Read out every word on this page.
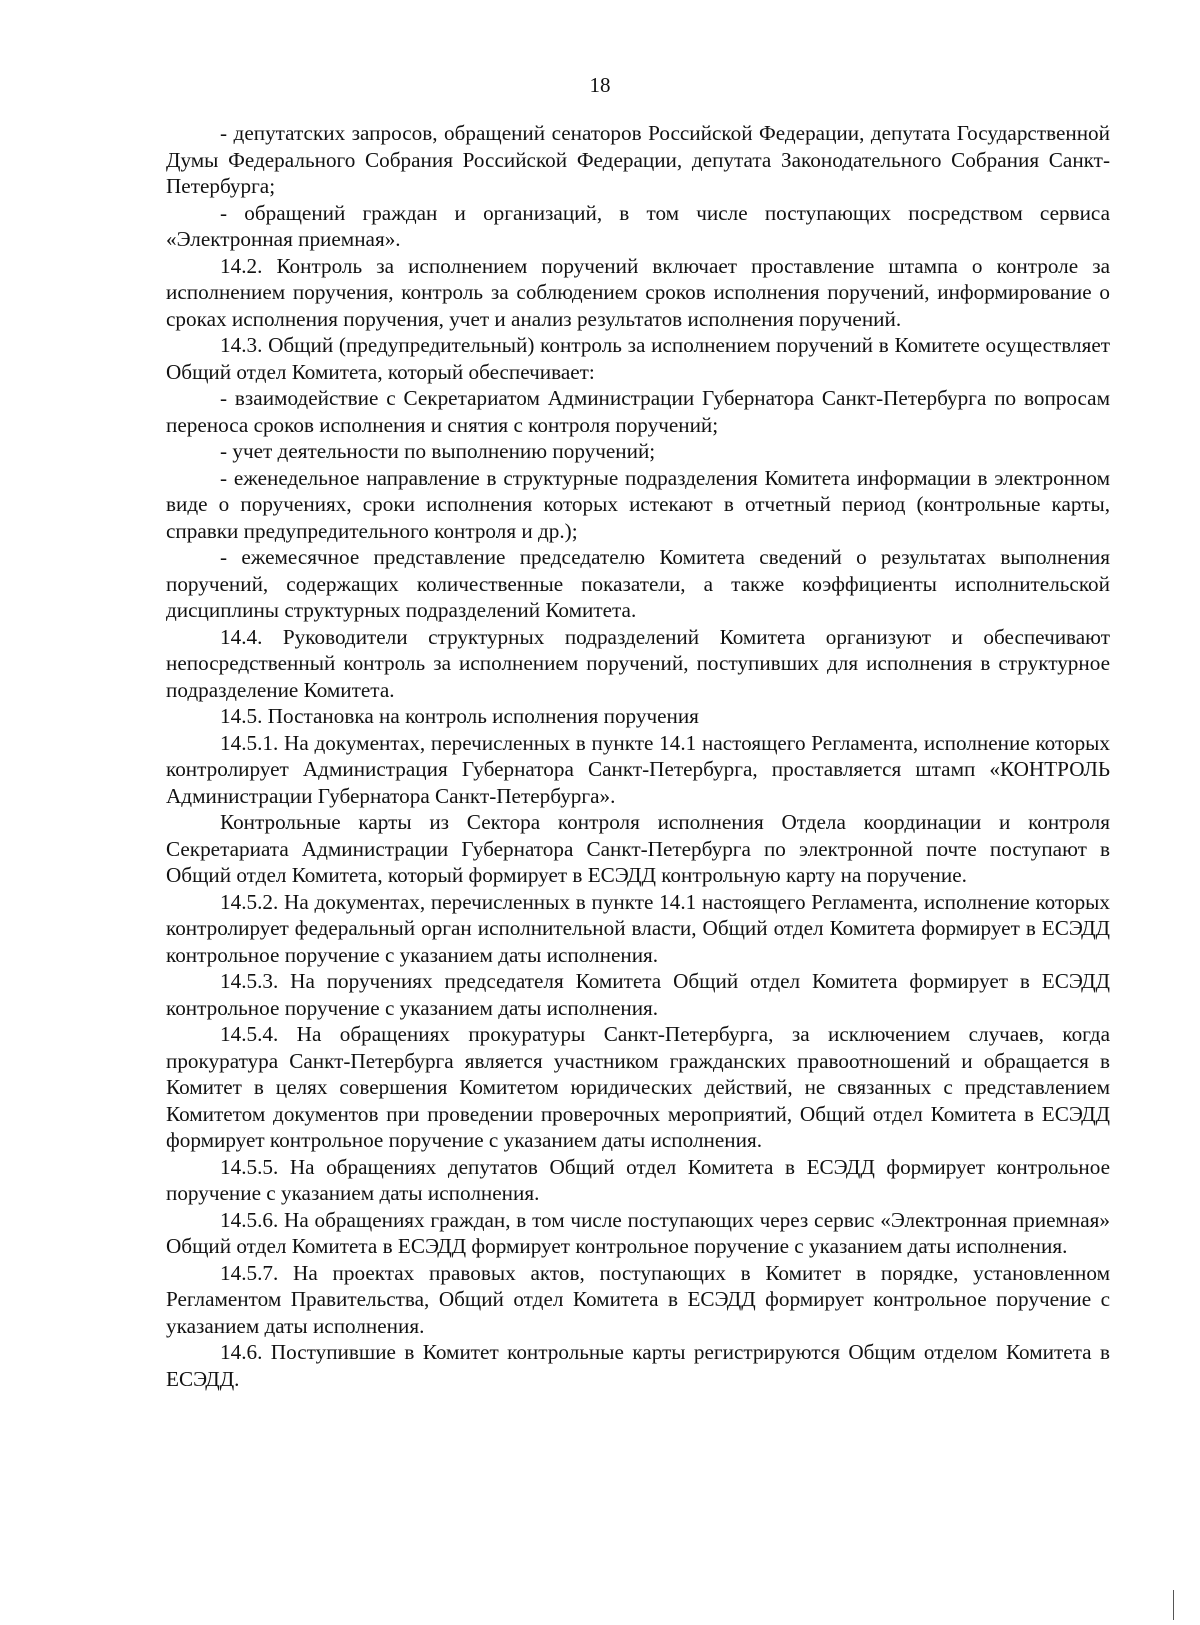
18

- депутатских запросов, обращений сенаторов Российской Федерации, депутата Государственной Думы Федерального Собрания Российской Федерации, депутата Законодательного Собрания Санкт-Петербурга;

- обращений граждан и организаций, в том числе поступающих посредством сервиса «Электронная приемная».

14.2. Контроль за исполнением поручений включает проставление штампа о контроле за исполнением поручения, контроль за соблюдением сроков исполнения поручений, информирование о сроках исполнения поручения, учет и анализ результатов исполнения поручений.

14.3. Общий (предупредительный) контроль за исполнением поручений в Комитете осуществляет Общий отдел Комитета, который обеспечивает:

- взаимодействие с Секретариатом Администрации Губернатора Санкт-Петербурга по вопросам переноса сроков исполнения и снятия с контроля поручений;

- учет деятельности по выполнению поручений;

- еженедельное направление в структурные подразделения Комитета информации в электронном виде о поручениях, сроки исполнения которых истекают в отчетный период (контрольные карты, справки предупредительного контроля и др.);

- ежемесячное представление председателю Комитета сведений о результатах выполнения поручений, содержащих количественные показатели, а также коэффициенты исполнительской дисциплины структурных подразделений Комитета.

14.4. Руководители структурных подразделений Комитета организуют и обеспечивают непосредственный контроль за исполнением поручений, поступивших для исполнения в структурное подразделение Комитета.

14.5. Постановка на контроль исполнения поручения

14.5.1. На документах, перечисленных в пункте 14.1 настоящего Регламента, исполнение которых контролирует Администрация Губернатора Санкт-Петербурга, проставляется штамп «КОНТРОЛЬ Администрации Губернатора Санкт-Петербурга».

Контрольные карты из Сектора контроля исполнения Отдела координации и контроля Секретариата Администрации Губернатора Санкт-Петербурга по электронной почте поступают в Общий отдел Комитета, который формирует в ЕСЭДД контрольную карту на поручение.

14.5.2. На документах, перечисленных в пункте 14.1 настоящего Регламента, исполнение которых контролирует федеральный орган исполнительной власти, Общий отдел Комитета формирует в ЕСЭДД контрольное поручение с указанием даты исполнения.

14.5.3. На поручениях председателя Комитета Общий отдел Комитета формирует в ЕСЭДД контрольное поручение с указанием даты исполнения.

14.5.4. На обращениях прокуратуры Санкт-Петербурга, за исключением случаев, когда прокуратура Санкт-Петербурга является участником гражданских правоотношений и обращается в Комитет в целях совершения Комитетом юридических действий, не связанных с представлением Комитетом документов при проведении проверочных мероприятий, Общий отдел Комитета в ЕСЭДД формирует контрольное поручение с указанием даты исполнения.

14.5.5. На обращениях депутатов Общий отдел Комитета в ЕСЭДД формирует контрольное поручение с указанием даты исполнения.

14.5.6. На обращениях граждан, в том числе поступающих через сервис «Электронная приемная» Общий отдел Комитета в ЕСЭДД формирует контрольное поручение с указанием даты исполнения.

14.5.7. На проектах правовых актов, поступающих в Комитет в порядке, установленном Регламентом Правительства, Общий отдел Комитета в ЕСЭДД формирует контрольное поручение с указанием даты исполнения.

14.6. Поступившие в Комитет контрольные карты регистрируются Общим отделом Комитета в ЕСЭДД.
